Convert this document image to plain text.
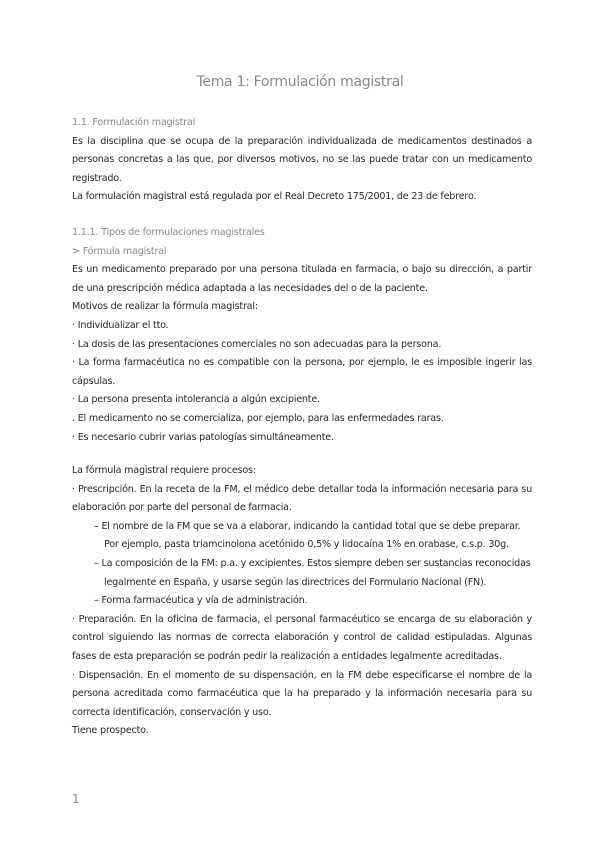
Tema 1: Formulación magistral

1.1. Formulación magistral

Es la disciplina que se ocupa de la preparación individualizada de medicamentos destinados a personas concretas a las que, por diversos motivos, no se las puede tratar con un medicamento registrado.

La formulación magistral está regulada por el Real Decreto 175/2001, de 23 de febrero.

1.1.1. Tipos de formulaciones magistrales

> Fórmula magistral

Es un medicamento preparado por una persona titulada en farmacia, o bajo su dirección, a partir de una prescripción médica adaptada a las necesidades del o de la paciente.

Motivos de realizar la fórmula magistral:

· Individualizar el tto.

· La dosis de las presentaciones comerciales no son adecuadas para la persona.

· La forma farmacéutica no es compatible con la persona, por ejemplo, le es imposible ingerir las cápsulas.

· La persona presenta intolerancia a algún excipiente.

. El medicamento no se comercializa, por ejemplo, para las enfermedades raras.

· Es necesario cubrir varias patologías simultáneamente.

La fórmula magistral requiere procesos:

· Prescripción. En la receta de la FM, el médico debe detallar toda la información necesaria para su elaboración por parte del personal de farmacia.

– El nombre de la FM que se va a elaborar, indicando la cantidad total que se debe preparar.

Por ejemplo, pasta triamcinolona acetónido 0,5% y lidocaína 1% en orabase, c.s.p. 30g.

– La composición de la FM: p.a. y excipientes. Estos siempre deben ser sustancias reconocidas

legalmente en España, y usarse según las directrices del Formulario Nacional (FN).

– Forma farmacéutica y vía de administración.

· Preparación. En la oficina de farmacia, el personal farmacéutico se encarga de su elaboración y control siguiendo las normas de correcta elaboración y control de calidad estipuladas. Algunas fases de esta preparación se podrán pedir la realización a entidades legalmente acreditadas.

· Dispensación. En el momento de su dispensación, en la FM debe especificarse el nombre de la persona acreditada como farmacéutica que la ha preparado y la información necesaria para su correcta identificación, conservación y uso.

Tiene prospecto.

1
